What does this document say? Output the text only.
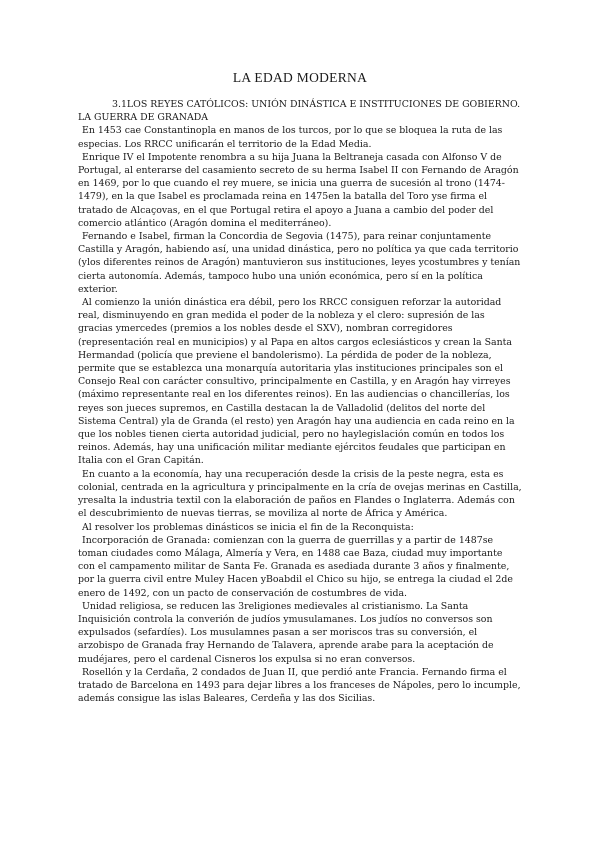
LA EDAD MODERNA

3.1LOS REYES CATÓLICOS: UNIÓN DINÁSTICA E INSTITUCIONES DE GOBIERNO. LA GUERRA DE GRANADA

En 1453 cae Constantinopla en manos de los turcos, por lo que se bloquea la ruta de las especias. Los RRCC unificarán el territorio de la Edad Media.

Enrique IV el Impotente renombra a su hija Juana la Beltraneja casada con Alfonso V de Portugal, al enterarse del casamiento secreto de su herma Isabel II con Fernando de Aragón en 1469, por lo que cuando el rey muere, se inicia una guerra de sucesión al trono (1474-1479), en la que Isabel es proclamada reina en 1475en la batalla del Toro yse firma el tratado de Alcaçovas, en el que Portugal retira el apoyo a Juana a cambio del poder del comercio atlántico (Aragón domina el mediterráneo).

Fernando e Isabel, firman la Concordia de Segovia (1475), para reinar conjuntamente Castilla y Aragón, habiendo así, una unidad dinástica, pero no política ya que cada territorio (ylos diferentes reinos de Aragón) mantuvieron sus instituciones, leyes ycostumbres y tenían cierta autonomía. Además, tampoco hubo una unión económica, pero sí en la política exterior.

Al comienzo la unión dinástica era débil, pero los RRCC consiguen reforzar la autoridad real, disminuyendo en gran medida el poder de la nobleza y el clero: supresión de las gracias ymercedes (premios a los nobles desde el SXV), nombran corregidores (representación real en municipios) y al Papa en altos cargos eclesiásticos y crean la Santa Hermandad (policía que previene el bandolerismo). La pérdida de poder de la nobleza, permite que se establezca una monarquía autoritaria ylas instituciones principales son el Consejo Real con carácter consultivo, principalmente en Castilla, y en Aragón hay virreyes (máximo representante real en los diferentes reinos). En las audiencias o chancillerías, los reyes son jueces supremos, en Castilla destacan la de Valladolid (delitos del norte del Sistema Central) yla de Granda (el resto) yen Aragón hay una audiencia en cada reino en la que los nobles tienen cierta autoridad judicial, pero no haylegislación común en todos los reinos. Además, hay una unificación militar mediante ejércitos feudales que participan en Italia con el Gran Capitán.

En cuanto a la economía, hay una recuperación desde la crisis de la peste negra, esta es colonial, centrada en la agricultura y principalmente en la cría de ovejas merinas en Castilla, yresalta la industria textil con la elaboración de paños en Flandes o Inglaterra. Además con el descubrimiento de nuevas tierras, se moviliza al norte de África y América.

Al resolver los problemas dinásticos se inicia el fin de la Reconquista:

Incorporación de Granada: comienzan con la guerra de guerrillas y a partir de 1487se toman ciudades como Málaga, Almería y Vera, en 1488 cae Baza, ciudad muy importante con el campamento militar de Santa Fe. Granada es asediada durante 3 años y finalmente, por la guerra civil entre Muley Hacen yBoabdil el Chico su hijo, se entrega la ciudad el 2de enero de 1492, con un pacto de conservación de costumbres de vida.

Unidad religiosa, se reducen las 3religiones medievales al cristianismo. La Santa Inquisición controla la converión de judíos ymusulamanes. Los judíos no conversos son expulsados (sefardíes). Los musulamnes pasan a ser moriscos tras su conversión, el arzobispo de Granada fray Hernando de Talavera, aprende arabe para la aceptación de mudéjares, pero el cardenal Cisneros los expulsa si no eran conversos.

Rosellón y la Cerdaña, 2 condados de Juan II, que perdió ante Francia. Fernando firma el tratado de Barcelona en 1493 para dejar libres a los franceses de Nápoles, pero lo incumple, además consigue las islas Baleares, Cerdeña y las dos Sicilias.
